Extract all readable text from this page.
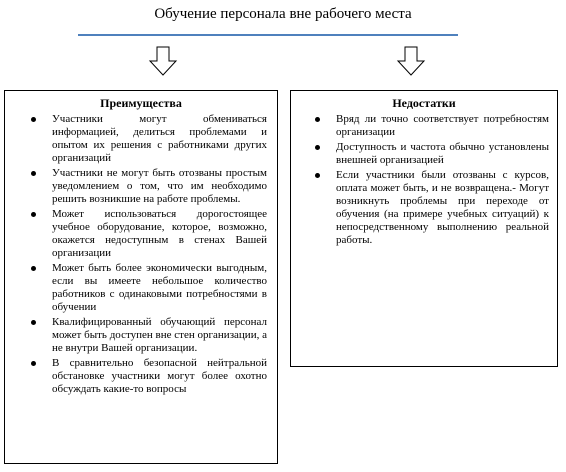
Обучение персонала вне рабочего места
Преимущества
Участники могут обмениваться информацией, делиться проблемами и опытом их решения с работниками других организаций
Участники не могут быть отозваны простым уведомлением о том, что им необходимо решить возникшие на работе проблемы.
Может использоваться дорогостоящее учебное оборудование, которое, возможно, окажется недоступным в стенах Вашей организации
Может быть более экономически выгодным, если вы имеете небольшое количество работников с одинаковыми потребностями в обучении
Квалифицированный обучающий персонал может быть доступен вне стен организации, а не внутри Вашей организации.
В сравнительно безопасной нейтральной обстановке участники могут более охотно обсуждать какие-то вопросы
Недостатки
Вряд ли точно соответствует потребностям организации
Доступность и частота обычно установлены внешней организацией
Если участники были отозваны с курсов, оплата может быть, и не возвращена.- Могут возникнуть проблемы при переходе от обучения (на примере учебных ситуаций) к непосредственному выполнению реальной работы.
